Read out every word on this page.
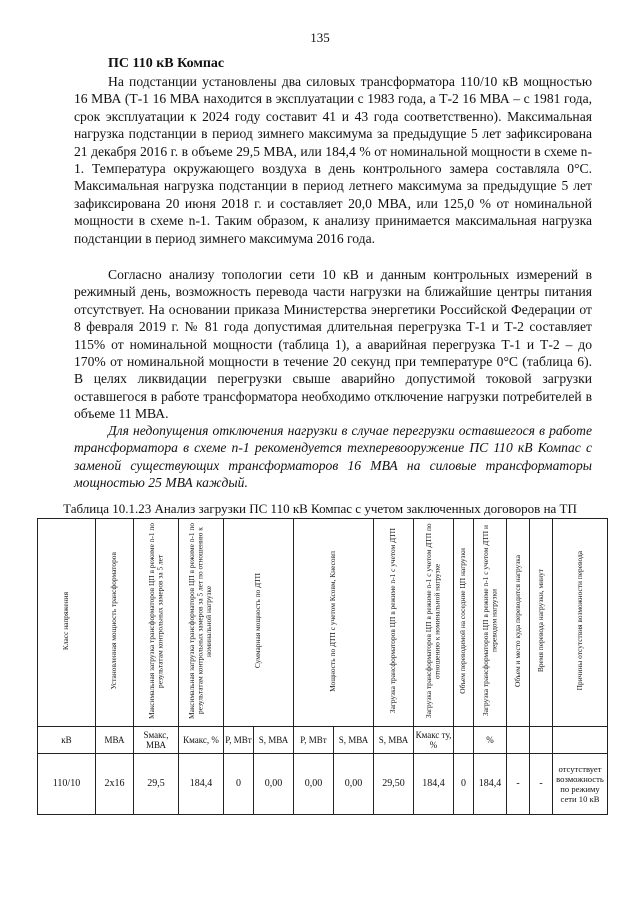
135
ПС 110 кВ Компас

На подстанции установлены два силовых трансформатора 110/10 кВ мощностью 16 МВА (Т-1 16 МВА находится в эксплуатации с 1983 года, а Т-2 16 МВА – с 1981 года, срок эксплуатации к 2024 году составит 41 и 43 года соответственно). Максимальная нагрузка подстанции в период зимнего максимума за предыдущие 5 лет зафиксирована 21 декабря 2016 г. в объеме 29,5 МВА, или 184,4 % от номинальной мощности в схеме n-1. Температура окружающего воздуха в день контрольного замера составляла 0°С. Максимальная нагрузка подстанции в период летнего максимума за предыдущие 5 лет зафиксирована 20 июня 2018 г. и составляет 20,0 МВА, или 125,0 % от номинальной мощности в схеме n-1. Таким образом, к анализу принимается максимальная нагрузка подстанции в период зимнего максимума 2016 года.

Согласно анализу топологии сети 10 кВ и данным контрольных измерений в режимный день, возможность перевода части нагрузки на ближайшие центры питания отсутствует. На основании приказа Министерства энергетики Российской Федерации от 8 февраля 2019 г. № 81 года допустимая длительная перегрузка Т-1 и Т-2 составляет 115% от номинальной мощности (таблица 1), а аварийная перегрузка Т-1 и Т-2 – до 170% от номинальной мощности в течение 20 секунд при температуре 0°С (таблица 6). В целях ликвидации перегрузки свыше аварийно допустимой токовой загрузки оставшегося в работе трансформатора необходимо отключение нагрузки потребителей в объеме 11 МВА.

Для недопущения отключения нагрузки в случае перегрузки оставшегося в работе трансформатора в схеме n-1 рекомендуется техперевооружение ПС 110 кВ Компас с заменой существующих трансформаторов 16 МВА на силовые трансформаторы мощностью 25 МВА каждый.

Таблица 10.1.23 Анализ загрузки ПС 110 кВ Компас с учетом заключенных договоров на ТП
Класс напряжения	Установленная мощность трансформаторов	Максимальная загрузка трансформаторов ЦП в режиме n-1 по результатам контрольных замеров за 5 лет	Максимальная загрузка трансформаторов ЦП в режиме n-1 по результатам контрольных замеров за 5 лет по отношению к номинальной нагрузке	Суммарная мощность по ДТП		Мощность по ДТП с учетом Ксовм, Кнесовп		Загрузка трансформаторов ЦП в режиме n-1 с учетом ДТП	Загрузка трансформаторов ЦП в режиме n-1 с учетом ДТП по отношению к номинальной нагрузке	Объем переводимой на соседние ЦП нагрузки	Загрузка трансформаторов ЦП в режиме n-1 с учетом ДТП и переводом нагрузки	Объем и место куда переводится нагрузка	Время перевода нагрузки, минут	Причины отсутствия возможности перевода
кВ	МВА	Sмакс, МВА	Кмакс, %	P, МВт	S, МВА	P, МВт	S, МВА	S, МВА	Кмакс ту, %		%			
110/10	2х16	29,5	184,4	0	0,00	0,00	0,00	29,50	184,4	0	184,4	-	-	отсутствует возможность по режиму сети 10 кВ
